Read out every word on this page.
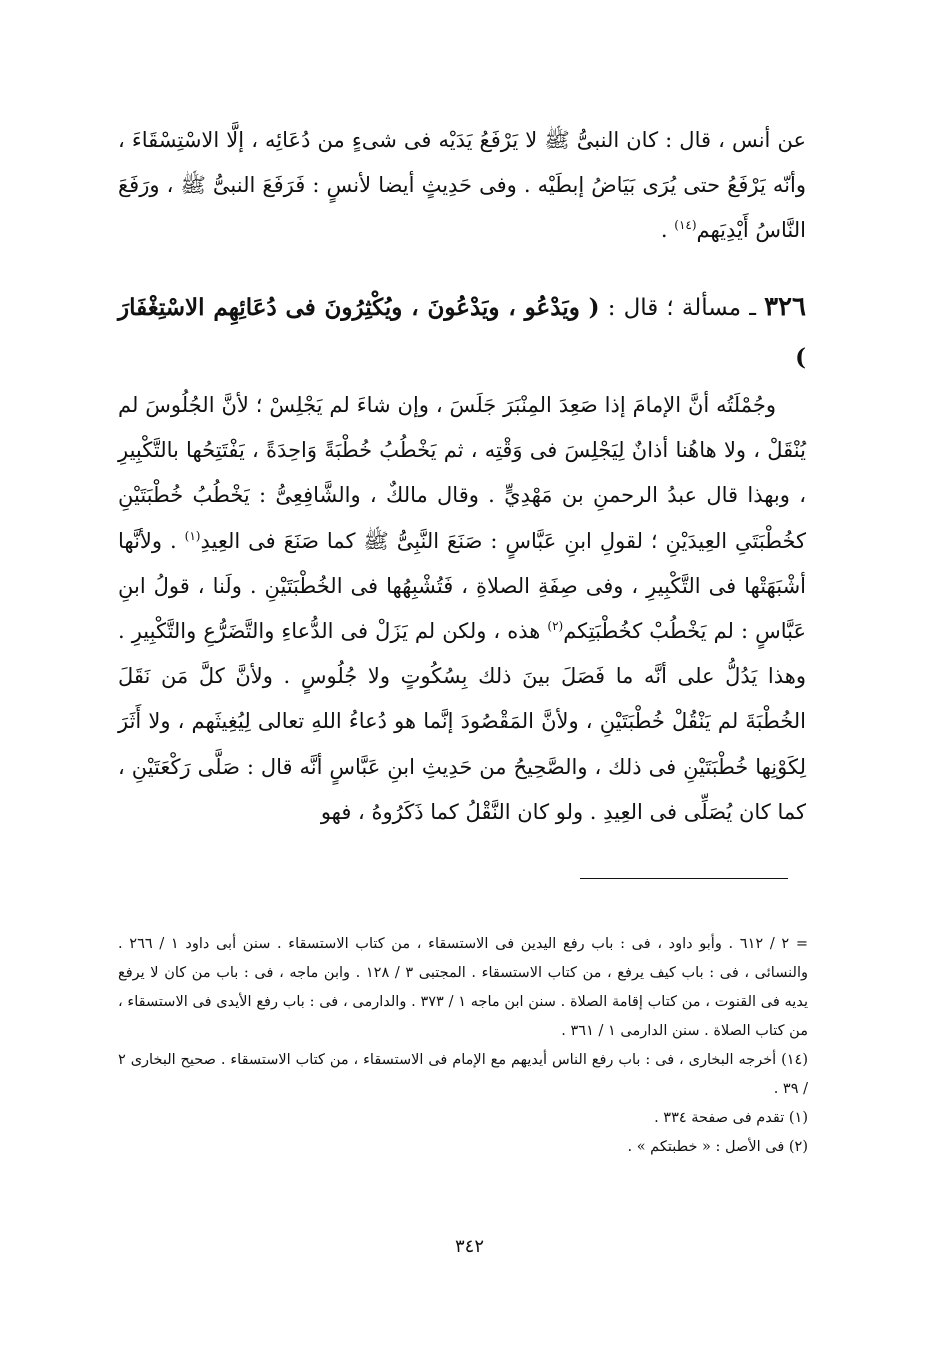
عن أنس ، قال : كان النبىُّ ﷺ لا يَرْفَعُ يَدَيْه فى شىءٍ من دُعَائِه ، إلَّا الاسْتِسْقَاءَ ، وأنّه يَرْفَعُ حتى يُرَى بَيَاضُ إبطَيْه . وفى حَدِيثٍ أيضا لأنسٍ : فَرَفَعَ النبىُّ ﷺ ، ورَفَعَ النَّاسُ أَيْدِيَهم$^{(١٤)}$ .
٣٢٦ ـ مسألة ؛ قال : ( ويَدْعُو ، ويَدْعُونَ ، ويُكْثِرُونَ فى دُعَائِهِم الاسْتِغْفَارَ )
وجُمْلَتُه أنَّ الإمامَ إذا صَعِدَ المِنْبَرَ جَلَسَ ، وإن شاءَ لم يَجْلِسْ ؛ لأنَّ الجُلُوسَ لم يُنْقَلْ ، ولا هاهُنا أذانٌ لِيَجْلِسَ فى وَقْتِه ، ثم يَخْطُبُ خُطْبَةً وَاحِدَةً ، يَفْتَتِحُها بالتَّكْبِيرِ ، وبهذا قال عبدُ الرحمنِ بن مَهْدِيٍّ . وقال مالكٌ ، والشَّافِعِىُّ : يَخْطُبُ خُطْبَتَيْنِ كخُطْبَتَىِ العِيدَيْنِ ؛ لقولِ ابنِ عَبَّاسٍ : صَنَعَ النَّبِىُّ ﷺ كما صَنَعَ فى العِيدِ$^{(١)}$ . ولأنَّها أشْبَهَتْها فى التَّكْبِيرِ ، وفى صِفَةِ الصلاةِ ، فَتُشْبِهُها فى الخُطْبَتَيْنِ . ولَنا ، قولُ ابنِ عَبَّاسٍ : لم يَخْطُبْ كخُطْبَتِكم$^{(٢)}$ هذه ، ولكن لم يَزَلْ فى الدُّعاءِ والتَّضَرُّعِ والتَّكْبِيرِ . وهذا يَدُلُّ على أنَّه ما فَصَلَ بينَ ذلك بِسُكُوتٍ ولا جُلُوسٍ . ولأنَّ كلَّ مَن نَقَلَ الخُطْبَةَ لم يَنْقُلْ خُطْبَتَيْنِ ، ولأنَّ المَقْصُودَ إنَّما هو دُعاءُ اللهِ تعالى لِيُغِيثَهم ، ولا أَثَرَ لِكَوْنِها خُطْبَتَيْنِ فى ذلك ، والصَّحِيحُ من حَدِيثِ ابنِ عَبَّاسٍ أنَّه قال : صَلَّى رَكْعَتَيْنِ ، كما كان يُصَلِّى فى العِيدِ . ولو كان النَّقْلُ كما ذَكَرُوهُ ، فهو

= ٢ / ٦١٢ . وأبو داود ، فى : باب رفع اليدين فى الاستسقاء ، من كتاب الاستسقاء . سنن أبى داود ١ / ٢٦٦ . والنسائى ، فى : باب كيف يرفع ، من كتاب الاستسقاء . المجتبى ٣ / ١٢٨ . وابن ماجه ، فى : باب من كان لا يرفع يديه فى القنوت ، من كتاب إقامة الصلاة . سنن ابن ماجه ١ / ٣٧٣ . والدارمى ، فى : باب رفع الأيدى فى الاستسقاء ، من كتاب الصلاة . سنن الدارمى ١ / ٣٦١ .

(١٤) أخرجه البخارى ، فى : باب رفع الناس أيديهم مع الإمام فى الاستسقاء ، من كتاب الاستسقاء . صحيح البخارى ٢ / ٣٩ .

(١) تقدم فى صفحة ٣٣٤ .

(٢) فى الأصل : « خطبتكم » .

٣٤٢
